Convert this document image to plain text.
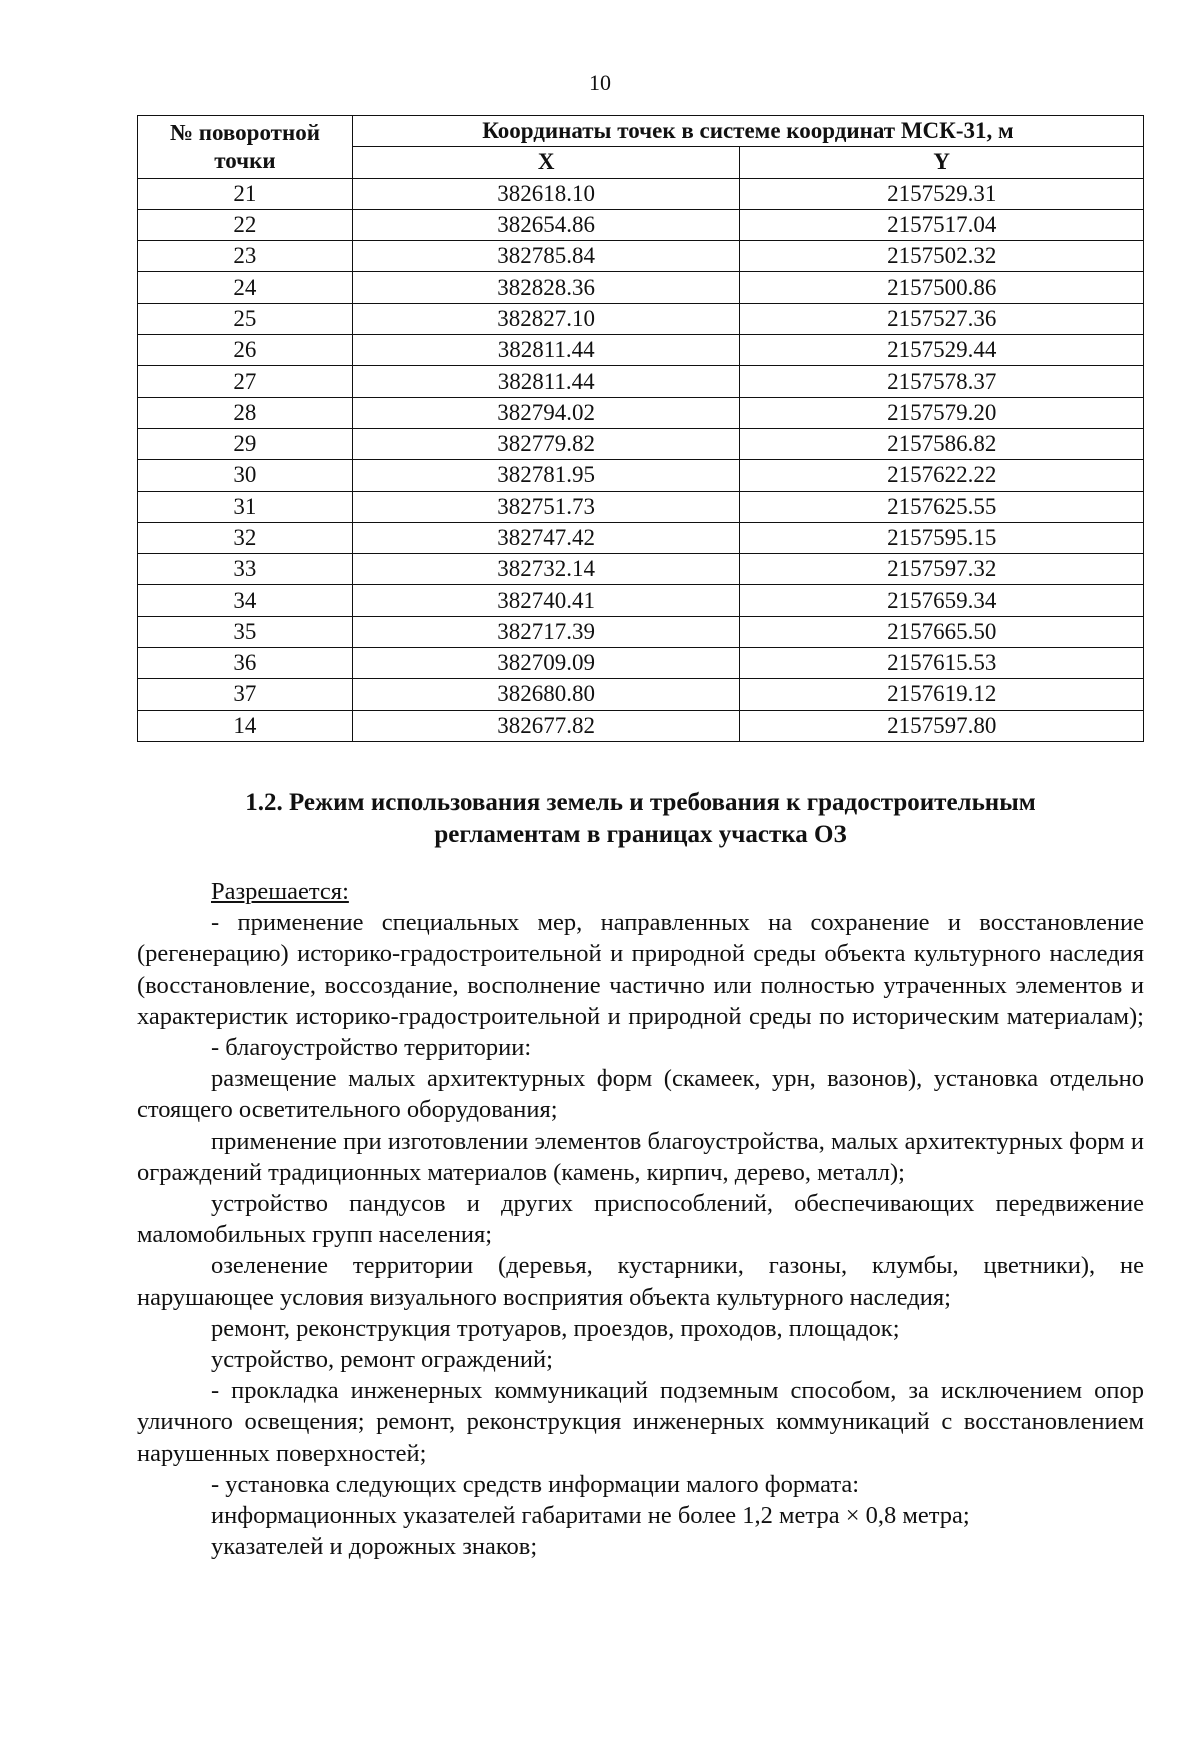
10
№ поворотной точки	Координаты точек в системе координат МСК-31, м	
	X	Y
21	382618.10	2157529.31
22	382654.86	2157517.04
23	382785.84	2157502.32
24	382828.36	2157500.86
25	382827.10	2157527.36
26	382811.44	2157529.44
27	382811.44	2157578.37
28	382794.02	2157579.20
29	382779.82	2157586.82
30	382781.95	2157622.22
31	382751.73	2157625.55
32	382747.42	2157595.15
33	382732.14	2157597.32
34	382740.41	2157659.34
35	382717.39	2157665.50
36	382709.09	2157615.53
37	382680.80	2157619.12
14	382677.82	2157597.80
1.2. Режим использования земель и требования к градостроительным
регламентам в границах участка ОЗ

Разрешается:

- применение специальных мер, направленных на сохранение и восстановление (регенерацию) историко-градостроительной и природной среды объекта культурного наследия (восстановление, воссоздание, восполнение частично или полностью утраченных элементов и характеристик историко-градостроительной и природной среды по историческим материалам);

- благоустройство территории:

размещение малых архитектурных форм (скамеек, урн, вазонов), установка отдельно стоящего осветительного оборудования;

применение при изготовлении элементов благоустройства, малых архитектурных форм и ограждений традиционных материалов (камень, кирпич, дерево, металл);

устройство пандусов и других приспособлений, обеспечивающих передвижение маломобильных групп населения;

озеленение территории (деревья, кустарники, газоны, клумбы, цветники), не нарушающее условия визуального восприятия объекта культурного наследия;

ремонт, реконструкция тротуаров, проездов, проходов, площадок;

устройство, ремонт ограждений;

- прокладка инженерных коммуникаций подземным способом, за исключением опор уличного освещения; ремонт, реконструкция инженерных коммуникаций с восстановлением нарушенных поверхностей;

- установка следующих средств информации малого формата:

информационных указателей габаритами не более 1,2 метра × 0,8 метра;

указателей и дорожных знаков;
